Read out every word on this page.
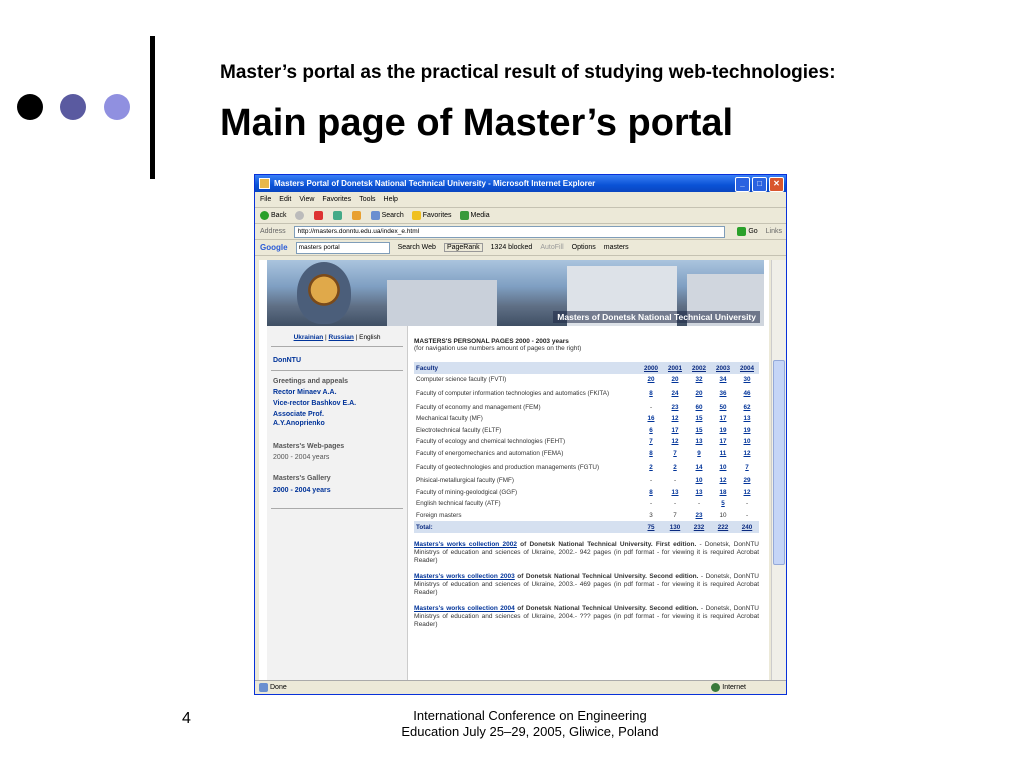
Master’s portal as the practical result of studying web-technologies:
Main page of Master’s portal
Masters Portal of Donetsk National Technical University - Microsoft Internet Explorer	_	□	✕
File Edit View Favorites Tools Help
Back	Search	Favorites	Media
Address	http://masters.donntu.edu.ua/index_e.html	Go Links
Google	masters portal	Search Web	PageRank	1324 blocked AutoFill Options masters
Masters of Donetsk National Technical University
Ukrainian | Russian | English
DonNTU
Greetings and appeals
Rector Minaev A.A.
Vice-rector Bashkov E.A.
Associate Prof.
A.Y.Anoprienko
Masters's Web-pages
2000 - 2004 years
Masters's Gallery
2000 - 2004 years
MASTERS'S PERSONAL PAGES 2000 - 2003 years
(for navigation use numbers amount of pages on the right)
Faculty	2000	2001	2002	2003	2004
Computer science faculty (FVTI)	20	20	32	34	30
Faculty of computer information technologies and automatics (FKITA)	8	24	20	36	46
Faculty of economy and management (FEM)	-	23	60	50	62
Mechanical faculty (MF)	16	12	15	17	13
Electrotechnical faculty (ELTF)	6	17	15	19	19
Faculty of ecology and chemical technologies (FEHT)	7	12	13	17	10
Faculty of energomechanics and automation (FEMA)	8	7	9	11	12
Faculty of geotechnologies and production managements (FGTU)	2	2	14	10	7
Phisical-metallurgical faculty (FMF)	-	-	10	12	29
Faculty of mining-geolodgical (GGF)	8	13	13	18	12
English technical faculty (ATF)	-	-	-	5	-
Foreign masters	3	7	23	10	-
Total:	75	130	232	222	240
Masters's works collection 2002 of Donetsk National Technical University. First edition. - Donetsk, DonNTU Ministrys of education and sciences of Ukraine, 2002.- 942 pages (in pdf format - for viewing it is required Acrobat Reader)
Masters's works collection 2003 of Donetsk National Technical University. Second edition. - Donetsk, DonNTU Ministrys of education and sciences of Ukraine, 2003.- 469 pages (in pdf format - for viewing it is required Acrobat Reader)
Masters's works collection 2004 of Donetsk National Technical University. Second edition. - Donetsk, DonNTU Ministrys of education and sciences of Ukraine, 2004.- ??? pages (in pdf format - for viewing it is required Acrobat Reader)
Done	Internet
4	International Conference on Engineering
Education July 25–29, 2005, Gliwice, Poland
